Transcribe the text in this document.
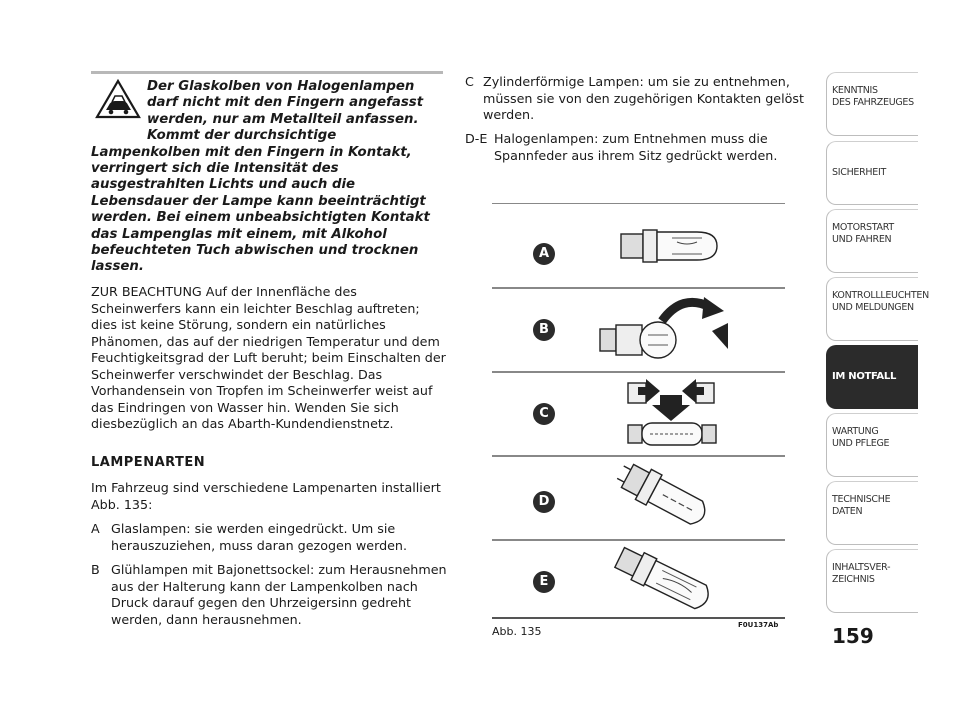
Der Glaskolben von Halogenlampen darf nicht mit den Fingern angefasst werden, nur am Metallteil anfassen. Kommt der durchsichtige Lampenkolben mit den Fingern in Kontakt, verringert sich die Intensität des ausgestrahlten Lichts und auch die Lebensdauer der Lampe kann beeinträchtigt werden. Bei einem unbeabsichtigten Kontakt das Lampenglas mit einem, mit Alkohol befeuchteten Tuch abwischen und trocknen lassen.
ZUR BEACHTUNG Auf der Innenfläche des Scheinwerfers kann ein leichter Beschlag auftreten; dies ist keine Störung, sondern ein natürliches Phänomen, das auf der niedrigen Temperatur und dem Feuchtigkeitsgrad der Luft beruht; beim Einschalten der Scheinwerfer verschwindet der Beschlag. Das Vorhandensein von Tropfen im Scheinwerfer weist auf das Eindringen von Wasser hin. Wenden Sie sich diesbezüglich an das Abarth-Kundendienstnetz.
LAMPENARTEN
Im Fahrzeug sind verschiedene Lampenarten installiert Abb. 135:
A Glaslampen: sie werden eingedrückt. Um sie herauszuziehen, muss daran gezogen werden.
B Glühlampen mit Bajonettsockel: zum Herausnehmen aus der Halterung kann der Lampenkolben nach Druck darauf gegen den Uhrzeigersinn gedreht werden, dann herausnehmen.
C Zylinderförmige Lampen: um sie zu entnehmen, müssen sie von den zugehörigen Kontakten gelöst werden.
D-E Halogenlampen: zum Entnehmen muss die Spannfeder aus ihrem Sitz gedrückt werden.
A
B
C
D
E
Abb. 135	F0U137Ab
KENNTNIS
DES FAHRZEUGES
SICHERHEIT
MOTORSTART
UND FAHREN
KONTROLLLEUCHTEN
UND MELDUNGEN
IM NOTFALL
WARTUNG
UND PFLEGE
TECHNISCHE
DATEN
INHALTSVER-
ZEICHNIS
159
